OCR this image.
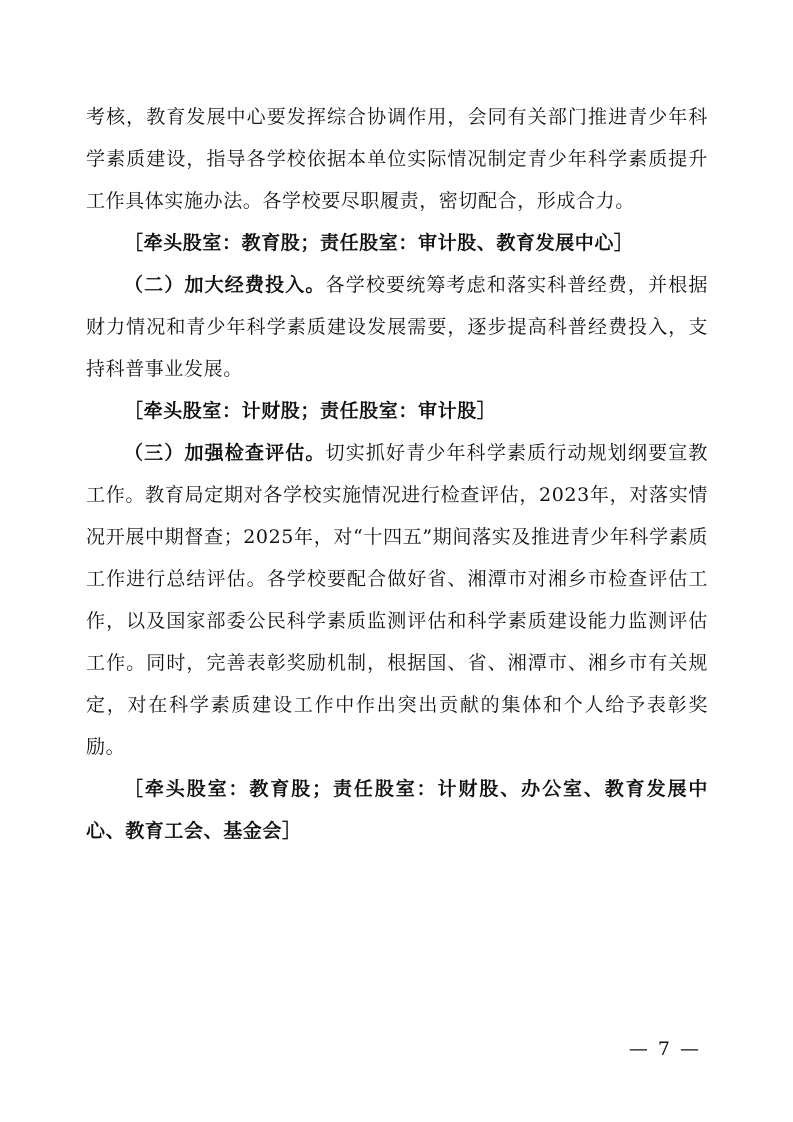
考核，教育发展中心要发挥综合协调作用，会同有关部门推进青少年科学素质建设，指导各学校依据本单位实际情况制定青少年科学素质提升工作具体实施办法。各学校要尽职履责，密切配合，形成合力。

［牵头股室：教育股；责任股室：审计股、教育发展中心］

（二）加大经费投入。各学校要统筹考虑和落实科普经费，并根据财力情况和青少年科学素质建设发展需要，逐步提高科普经费投入，支持科普事业发展。

［牵头股室：计财股；责任股室：审计股］

（三）加强检查评估。切实抓好青少年科学素质行动规划纲要宣教工作。教育局定期对各学校实施情况进行检查评估，2023年，对落实情况开展中期督查；2025年，对“十四五”期间落实及推进青少年科学素质工作进行总结评估。各学校要配合做好省、湘潭市对湘乡市检查评估工作，以及国家部委公民科学素质监测评估和科学素质建设能力监测评估工作。同时，完善表彰奖励机制，根据国、省、湘潭市、湘乡市有关规定，对在科学素质建设工作中作出突出贡献的集体和个人给予表彰奖励。

［牵头股室：教育股；责任股室：计财股、办公室、教育发展中心、教育工会、基金会］

— 7 —
